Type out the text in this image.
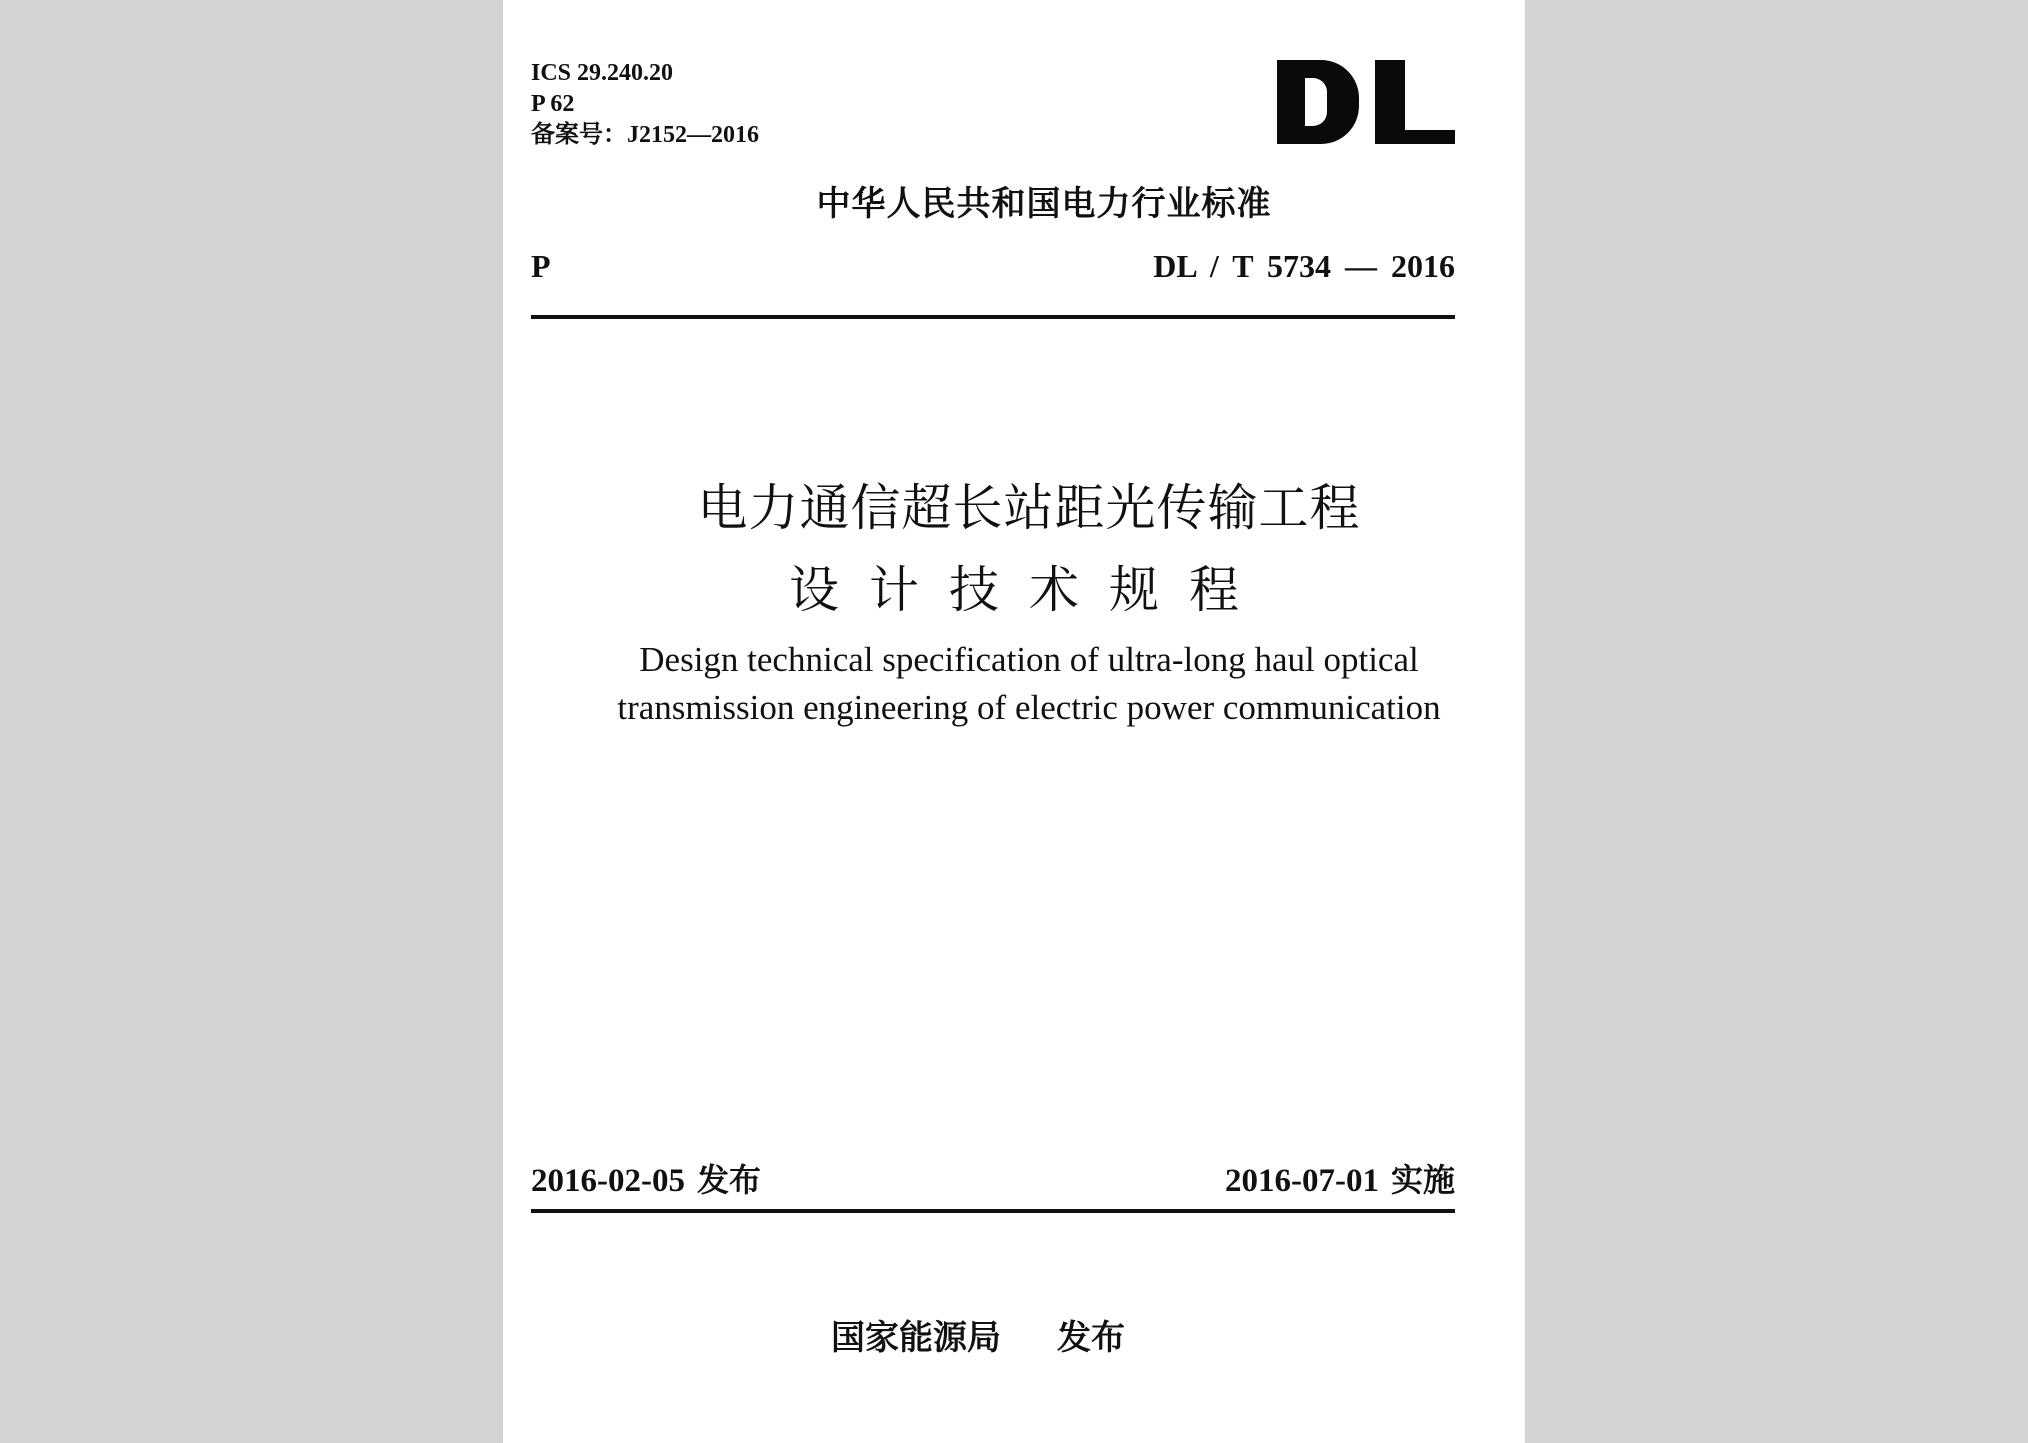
ICS 29.240.20
P 62
备案号：J2152—2016
中华人民共和国电力行业标准
P	DL / T 5734 — 2016
电力通信超长站距光传输工程
设计技术规程
Design technical specification of ultra-long haul optical
transmission engineering of electric power communication
2016-02-05 发布	2016-07-01 实施
国家能源局 发布
